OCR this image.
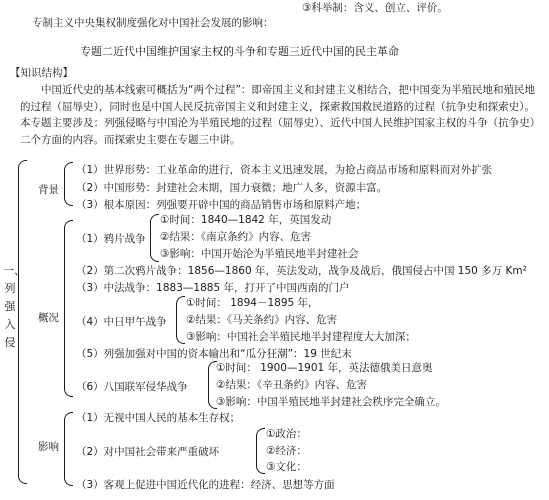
③科举制：含义、创立、评价。
专制主义中央集权制度强化对中国社会发展的影响：
专题二近代中国维护国家主权的斗争和专题三近代中国的民主革命
【知识结构】
中国近代史的基本线索可概括为“两个过程”：即帝国主义和封建主义相结合，把中国变为半殖民地和殖民地的过程（屈辱史），同时也是中国人民反抗帝国主义和封建主义，探索救国救民道路的过程（抗争史和探索史）。本专题主要涉及：列强侵略与中国沦为半殖民地的过程（屈辱史）、近代中国人民维护国家主权的斗争（抗争史）二个方面的内容。而探索史主要在专题三中讲。
一、列强入侵
背景
（1）世界形势：工业革命的进行，资本主义迅速发展，为抢占商品市场和原料而对外扩张
（2）中国形势：封建社会末期，国力衰微；地广人多，资源丰富。
（3）根本原因：列强要开辟中国的商品销售市场和原料产地；
概况
（1）鸦片战争
①时间：1840—1842 年，英国发动
②结果：《南京条约》内容、危害
③影响：中国开始沦为半殖民地半封建社会
（2）第二次鸦片战争：1856—1860 年，英法发动，战争及战后，俄国侵占中国 150 多万 Km²
（3）中法战争：1883—1885 年，打开了中国西南的门户
（4）中日甲午战争
①时间： 1894－1895 年，
②结果：《马关条约》内容、危害
③影响：中国社会半殖民地半封建程度大大加深；
（5）列强加强对中国的资本输出和“瓜分狂潮”：19 世纪末
（6）八国联军侵华战争
①时间： 1900—1901 年，英法德俄美日意奥
②结果：《辛丑条约》内容、危害
③影响：中国半殖民地半封建社会秩序完全确立。
影响
（1）无视中国人民的基本生存权；
（2）对中国社会带来严重破坏
①政治：
②经济：
③文化：
（3）客观上促进中国近代化的进程：经济、思想等方面
